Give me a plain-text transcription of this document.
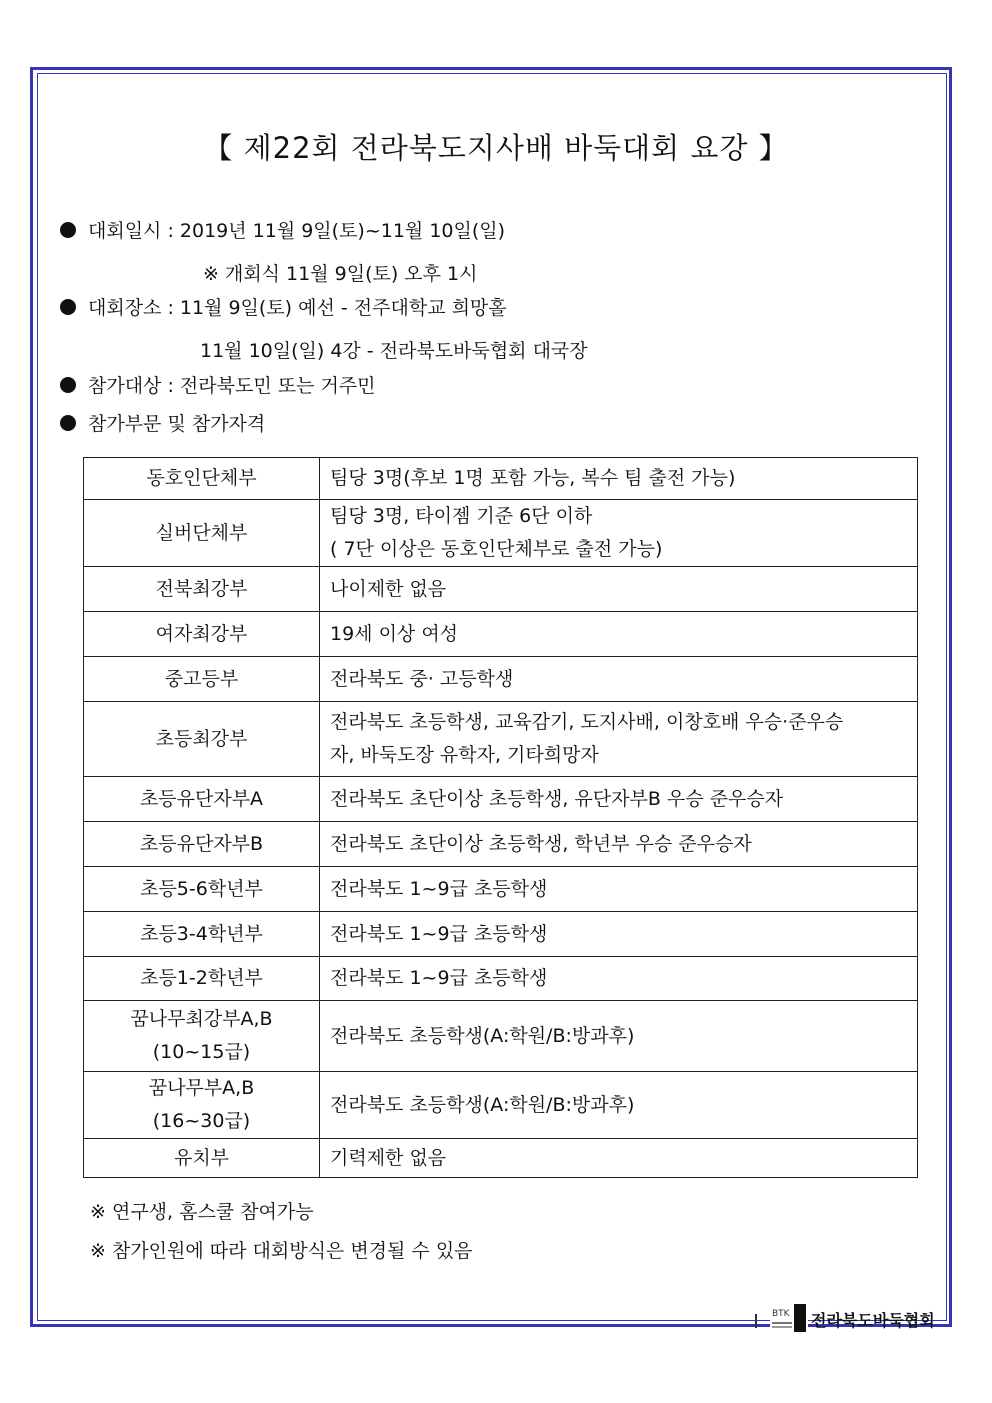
【 제22회 전라북도지사배 바둑대회 요강 】
대회일시 : 2019년 11월 9일(토)~11월 10일(일)
※ 개회식 11월 9일(토) 오후 1시
대회장소 : 11월 9일(토) 예선 - 전주대학교 희망홀
11월 10일(일) 4강 - 전라북도바둑협회 대국장
참가대상 : 전라북도민 또는 거주민
참가부문 및 참가자격
동호인단체부	팀당 3명(후보 1명 포함 가능, 복수 팀 출전 가능)
실버단체부	팀당 3명, 타이젬 기준 6단 이하
( 7단 이상은 동호인단체부로 출전 가능)

전북최강부	나이제한 없음
여자최강부	19세 이상 여성
중고등부	전라북도 중· 고등학생
초등최강부	전라북도 초등학생, 교육감기, 도지사배, 이창호배 우승·준우승
자, 바둑도장 유학자, 기타희망자

초등유단자부A	전라북도 초단이상 초등학생, 유단자부B 우승 준우승자
초등유단자부B	전라북도 초단이상 초등학생, 학년부 우승 준우승자
초등5-6학년부	전라북도 1~9급 초등학생
초등3-4학년부	전라북도 1~9급 초등학생
초등1-2학년부	전라북도 1~9급 초등학생

꿈나무최강부A,B
(10~15급)	전라북도 초등학생(A:학원/B:방과후)

꿈나무부A,B
(16~30급)	전라북도 초등학생(A:학원/B:방과후)
유치부	기력제한 없음
※ 연구생, 홈스쿨 참여가능
※ 참가인원에 따라 대회방식은 변경될 수 있음
BTK 전라북도바둑협회
